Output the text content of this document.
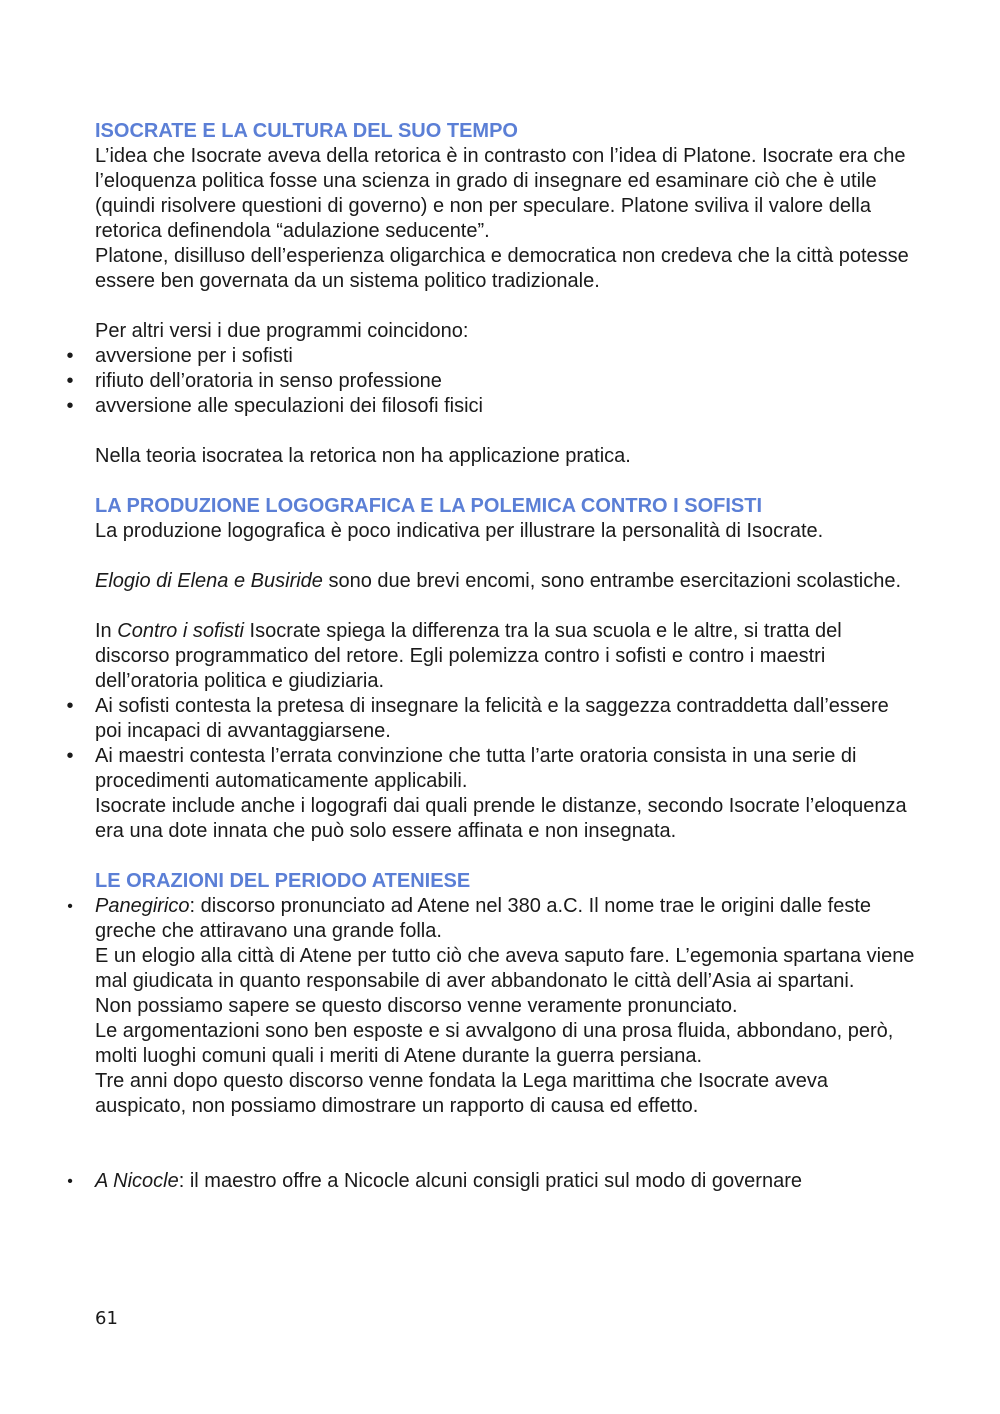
ISOCRATE E LA CULTURA DEL SUO TEMPO

L’idea che Isocrate aveva della retorica è in contrasto con l’idea di Platone. Isocrate era che l’eloquenza politica fosse una scienza in grado di insegnare ed esaminare ciò che è utile (quindi risolvere questioni di governo) e non per speculare. Platone sviliva il valore della retorica definendola “adulazione seducente”.

Platone, disilluso dell’esperienza oligarchica e democratica non credeva che la città potesse essere ben governata da un sistema politico tradizionale.

Per altri versi i due programmi coincidono:

• avversione per i sofisti
• rifiuto dell’oratoria in senso professione
• avversione alle speculazioni dei filosofi fisici

Nella teoria isocratea la retorica non ha applicazione pratica.

LA PRODUZIONE LOGOGRAFICA E LA POLEMICA CONTRO I SOFISTI

La produzione logografica è poco indicativa per illustrare la personalità di Isocrate.

Elogio di Elena e Busiride sono due brevi encomi, sono entrambe esercitazioni scolastiche.

In Contro i sofisti Isocrate spiega la differenza tra la sua scuola e le altre, si tratta del discorso programmatico del retore. Egli polemizza contro i sofisti e contro i maestri dell’oratoria politica e giudiziaria.

• Ai sofisti contesta la pretesa di insegnare la felicità e la saggezza contraddetta dall’essere poi incapaci di avvantaggiarsene.
• Ai maestri contesta l’errata convinzione che tutta l’arte oratoria consista in una serie di procedimenti automaticamente applicabili.

Isocrate include anche i logografi dai quali prende le distanze, secondo Isocrate l’eloquenza era una dote innata che può solo essere affinata e non insegnata.

LE ORAZIONI DEL PERIODO ATENIESE

• Panegirico: discorso pronunciato ad Atene nel 380 a.C. Il nome trae le origini dalle feste greche che attiravano una grande folla.

E un elogio alla città di Atene per tutto ciò che aveva saputo fare. L’egemonia spartana viene mal giudicata in quanto responsabile di aver abbandonato le città dell’Asia ai spartani.

Non possiamo sapere se questo discorso venne veramente pronunciato.

Le argomentazioni sono ben esposte e si avvalgono di una prosa fluida, abbondano, però, molti luoghi comuni quali i meriti di Atene durante la guerra persiana.

Tre anni dopo questo discorso venne fondata la Lega marittima che Isocrate aveva auspicato, non possiamo dimostrare un rapporto di causa ed effetto.

• A Nicocle: il maestro offre a Nicocle alcuni consigli pratici sul modo di governare

61
